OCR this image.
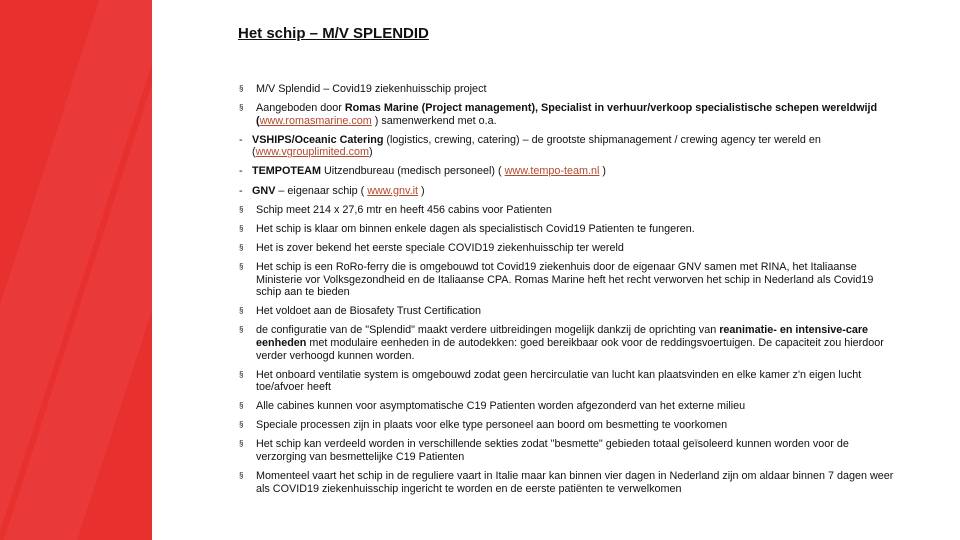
Het schip – M/V SPLENDID
§	M/V Splendid – Covid19 ziekenhuisschip project
§	Aangeboden door Romas Marine (Project management), Specialist in verhuur/verkoop specialistische schepen wereldwijd (www.romasmarine.com ) samenwerkend met o.a.
- VSHIPS/Oceanic Catering (logistics, crewing, catering) – de grootste shipmanagement / crewing agency ter wereld en (www.vgrouplimited.com)
- TEMPOTEAM Uitzendbureau (medisch personeel) ( www.tempo-team.nl )
- GNV – eigenaar schip ( www.gnv.it )
§	Schip meet 214 x 27,6 mtr en heeft 456 cabins voor Patienten
§	Het schip is klaar om binnen enkele dagen als specialistisch Covid19 Patienten te fungeren.
§	Het is zover bekend het eerste speciale COVID19 ziekenhuisschip ter wereld
§	Het schip is een RoRo-ferry die is omgebouwd tot Covid19 ziekenhuis door de eigenaar GNV samen met RINA, het Italiaanse Ministerie vor Volksgezondheid en de Italiaanse CPA. Romas Marine heft het recht verworven het schip in Nederland als Covid19 schip aan te bieden
§	Het voldoet aan de Biosafety Trust Certification
§	de configuratie van de "Splendid" maakt verdere uitbreidingen mogelijk dankzij de oprichting van reanimatie- en intensive-care eenheden met modulaire eenheden in de autodekken: goed bereikbaar ook voor de reddingsvoertuigen. De capaciteit zou hierdoor verder verhoogd kunnen worden.
§	Het onboard ventilatie system is omgebouwd zodat geen hercirculatie van lucht kan plaatsvinden en elke kamer z'n eigen lucht toe/afvoer heeft
§	Alle cabines kunnen voor asymptomatische C19 Patienten worden afgezonderd van het externe milieu
§	Speciale processen zijn in plaats voor elke type personeel aan boord om besmetting te voorkomen
§	Het schip kan verdeeld worden in verschillende sekties zodat "besmette" gebieden totaal geïsoleerd kunnen worden voor de verzorging van besmettelijke C19 Patienten
§	Momenteel vaart het schip in de reguliere vaart in Italie maar kan binnen vier dagen in Nederland zijn om aldaar binnen 7 dagen weer als COVID19 ziekenhuisschip ingericht te worden en de eerste patiënten te verwelkomen
